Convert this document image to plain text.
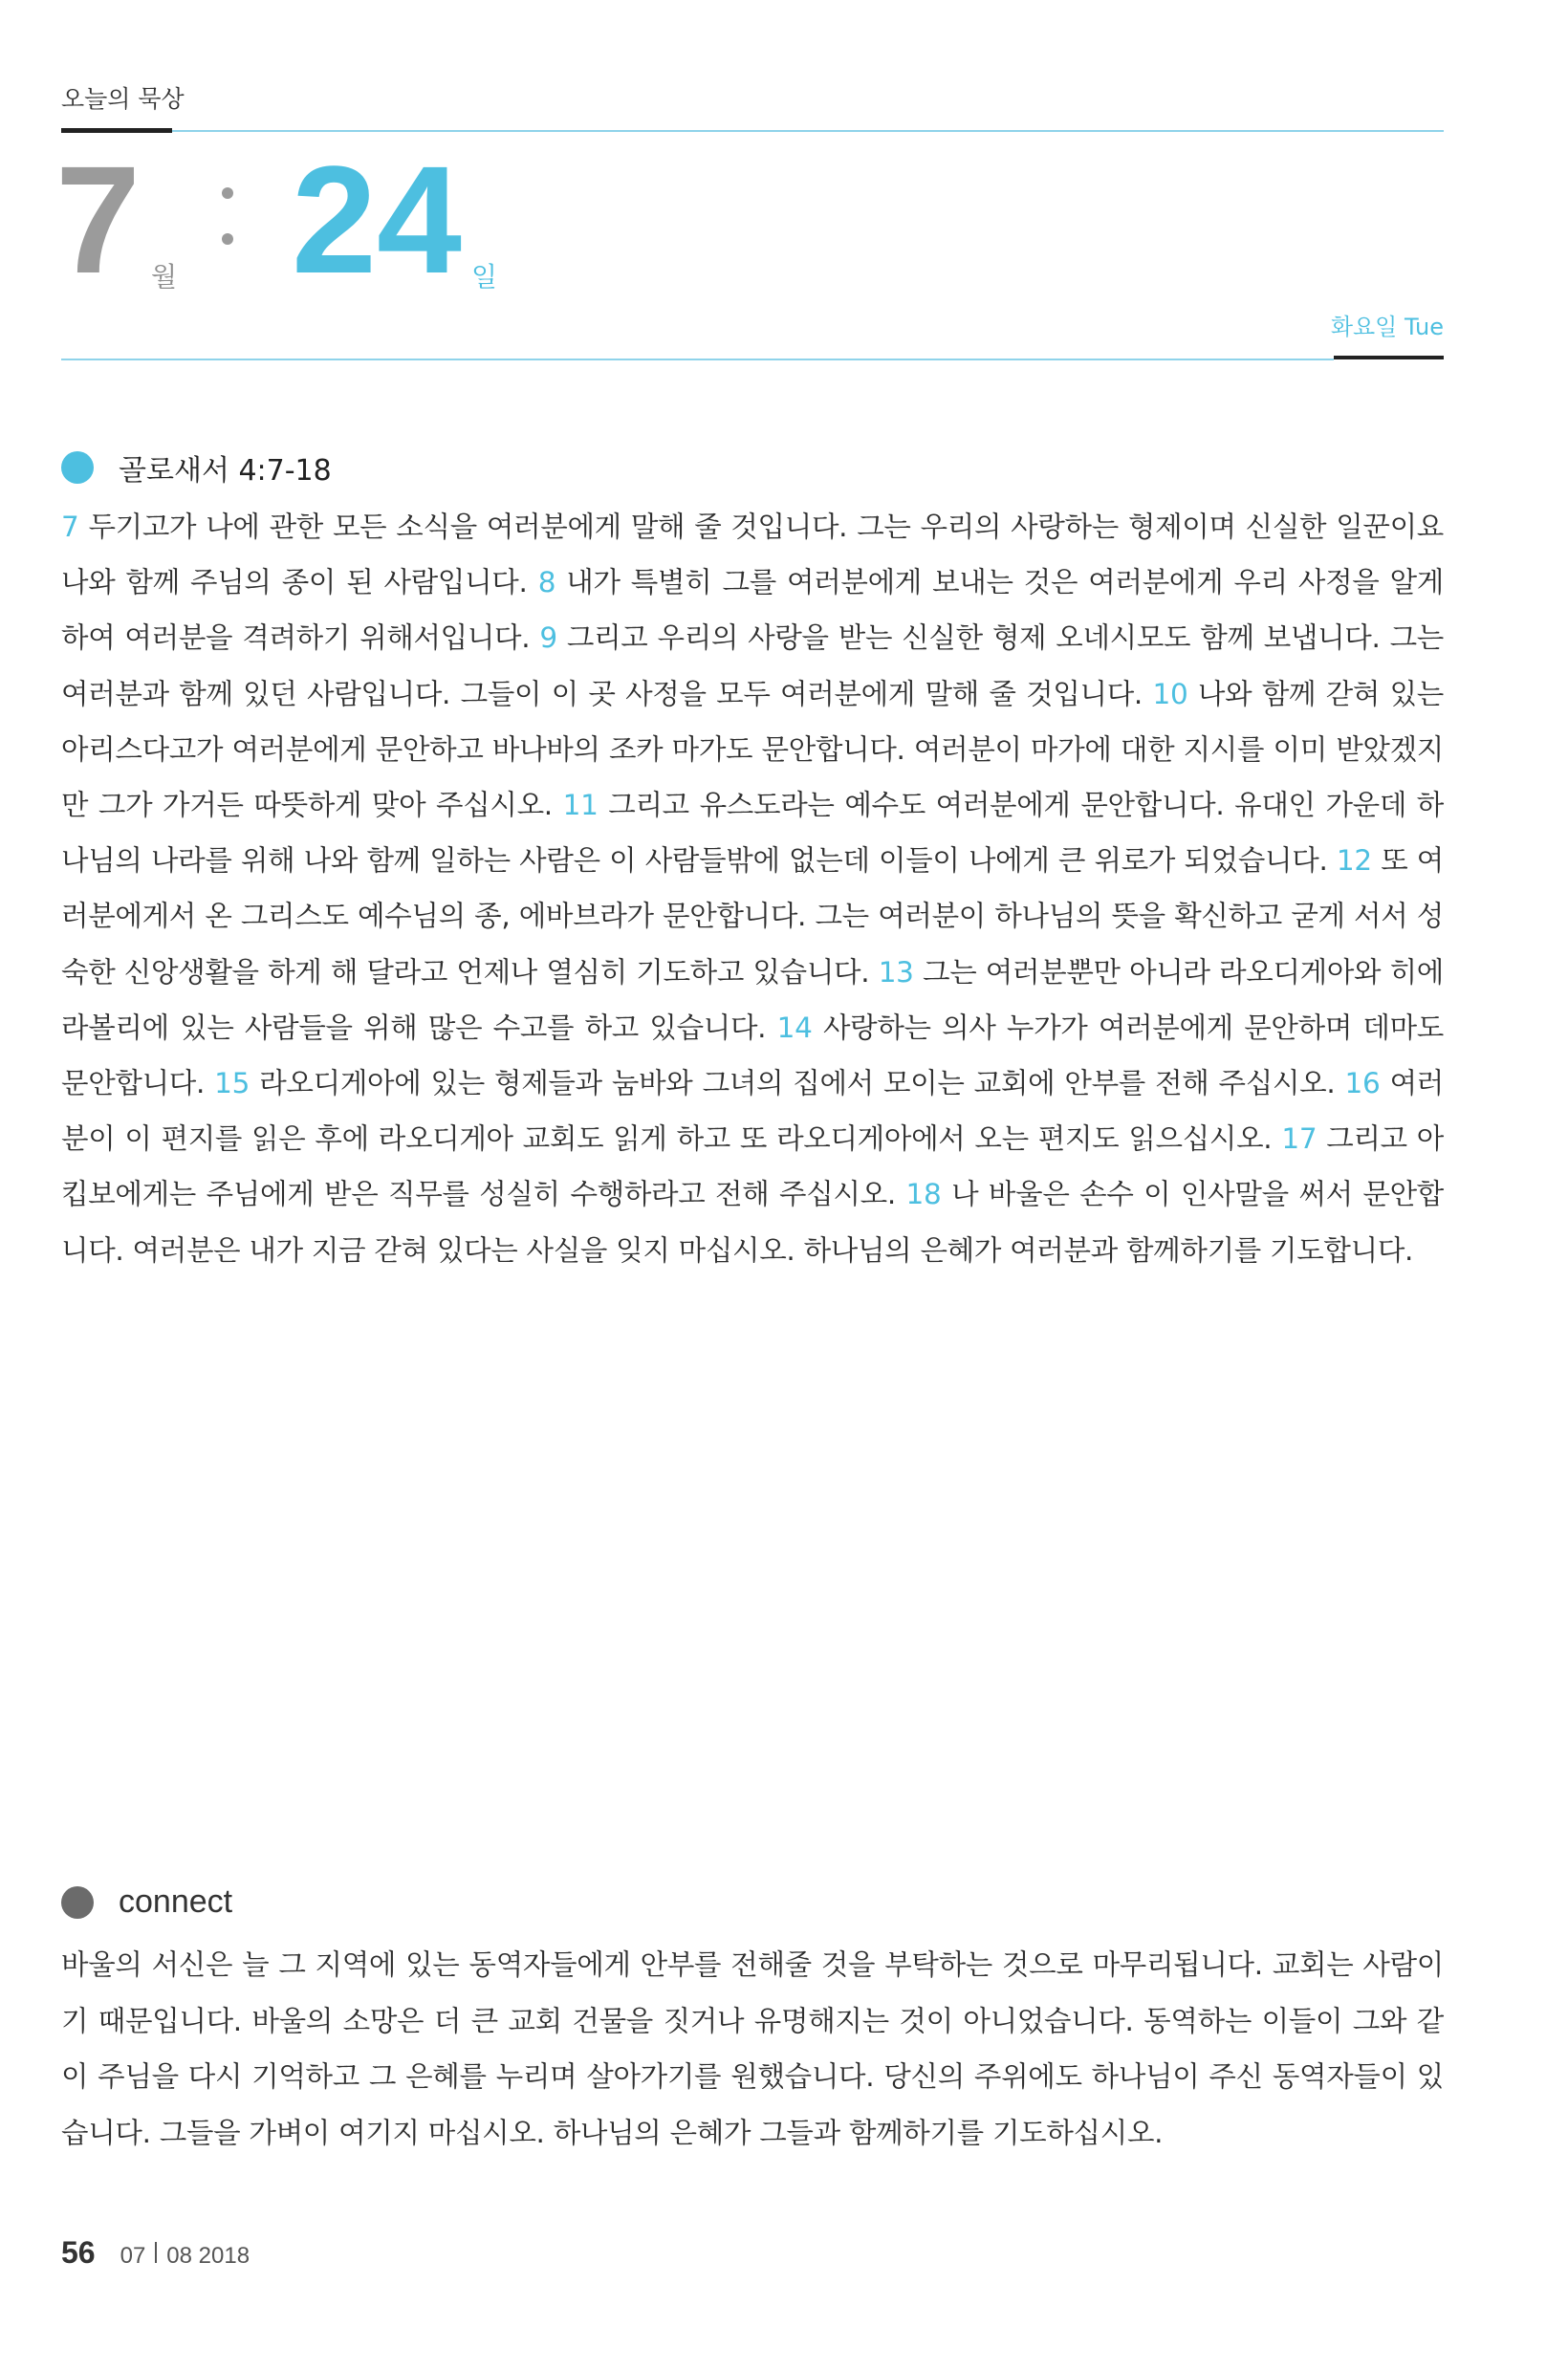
오늘의 묵상
7 월 24 일
화요일 Tue
골로새서 4:7-18
7 두기고가 나에 관한 모든 소식을 여러분에게 말해 줄 것입니다. 그는 우리의 사랑하는 형제이며 신실한 일꾼이요 나와 함께 주님의 종이 된 사람입니다. 8 내가 특별히 그를 여러분에게 보내는 것은 여러분에게 우리 사정을 알게 하여 여러분을 격려하기 위해서입니다. 9 그리고 우리의 사랑을 받는 신실한 형제 오네시모도 함께 보냅니다. 그는 여러분과 함께 있던 사람입니다. 그들이 이 곳 사정을 모두 여러분에게 말해 줄 것입니다. 10 나와 함께 갇혀 있는 아리스다고가 여러분에게 문안하고 바나바의 조카 마가도 문안합니다. 여러분이 마가에 대한 지시를 이미 받았겠지만 그가 가거든 따뜻하게 맞아 주십시오. 11 그리고 유스도라는 예수도 여러분에게 문안합니다. 유대인 가운데 하나님의 나라를 위해 나와 함께 일하는 사람은 이 사람들밖에 없는데 이들이 나에게 큰 위로가 되었습니다. 12 또 여러분에게서 온 그리스도 예수님의 종, 에바브라가 문안합니다. 그는 여러분이 하나님의 뜻을 확신하고 굳게 서서 성숙한 신앙생활을 하게 해 달라고 언제나 열심히 기도하고 있습니다. 13 그는 여러분뿐만 아니라 라오디게아와 히에라볼리에 있는 사람들을 위해 많은 수고를 하고 있습니다. 14 사랑하는 의사 누가가 여러분에게 문안하며 데마도 문안합니다. 15 라오디게아에 있는 형제들과 눔바와 그녀의 집에서 모이는 교회에 안부를 전해 주십시오. 16 여러분이 이 편지를 읽은 후에 라오디게아 교회도 읽게 하고 또 라오디게아에서 오는 편지도 읽으십시오. 17 그리고 아킵보에게는 주님에게 받은 직무를 성실히 수행하라고 전해 주십시오. 18 나 바울은 손수 이 인사말을 써서 문안합니다. 여러분은 내가 지금 갇혀 있다는 사실을 잊지 마십시오. 하나님의 은혜가 여러분과 함께하기를 기도합니다.
connect
바울의 서신은 늘 그 지역에 있는 동역자들에게 안부를 전해줄 것을 부탁하는 것으로 마무리됩니다. 교회는 사람이기 때문입니다. 바울의 소망은 더 큰 교회 건물을 짓거나 유명해지는 것이 아니었습니다. 동역하는 이들이 그와 같이 주님을 다시 기억하고 그 은혜를 누리며 살아가기를 원했습니다. 당신의 주위에도 하나님이 주신 동역자들이 있습니다. 그들을 가벼이 여기지 마십시오. 하나님의 은혜가 그들과 함께하기를 기도하십시오.
56 07 08 2018
